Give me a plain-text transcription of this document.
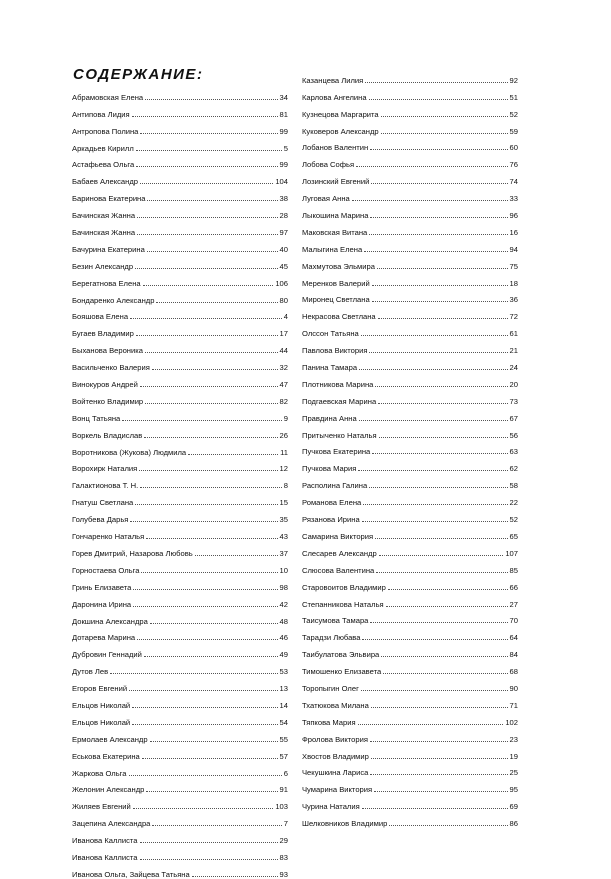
СОДЕРЖАНИЕ:
Абрамовская Елена	34
Антипова Лидия	81
Антропова Полина	99
Аркадьев Кирилл	5
Астафьева Ольга	99
Бабаев Александр	104
Баринова Екатерина	38
Бачинская Жанна	28
Бачинская Жанна	97
Бачурина Екатерина	40
Безин Александр	45
Берегатнова Елена	106
Бондаренко Александр	80
Бояшова Елена	4
Бугаев Владимир	17
Быханова Вероника	44
Васильченко Валерия	32
Винокуров Андрей	47
Войтенко Владимир	82
Вонц Татьяна	9
Воркель Владислав	26
Воротникова (Жукова) Людмила	11
Ворохирк Наталия	12
Галактионова Т. Н.	8
Гнатуш Светлана	15
Голубева Дарья	35
Гончаренко Наталья	43
Горев Дмитрий, Назарова Любовь	37
Горностаева Ольга	10
Гринь Елизавета	98
Даронина Ирина	42
Докшина Александра	48
Дотарева Марина	46
Дубровин Геннадий	49
Дутов Лев	53
Егоров Евгений	13
Ельцов Николай	14
Ельцов Николай	54
Ермолаев Александр	55
Еськова Екатерина	57
Жаркова Ольга	6
Желонин Александр	91
Жиляев Евгений	103
Зацепина Александра	7
Иванова Каллиста	29
Иванова Каллиста	83
Иванова Ольга, Зайцева Татьяна	93
Казанцева Лилия	92
Карлова Ангелина	51
Кузнецова Маргарита	52
Куковеров Александр	59
Лобанов Валентин	60
Лобова Софья	76
Лозинский Евгений	74
Луговая Анна	33
Лыкошина Марина	96
Маковская Витана	16
Малыгина Елена	94
Махмутова Эльмира	75
Меренков Валерий	18
Миронец Светлана	36
Некрасова Светлана	72
Олссон Татьяна	61
Павлова Виктория	21
Панина Тамара	24
Плотникова Марина	20
Подгаевская Марина	73
Правдина Анна	67
Притыченко Наталья	56
Пучкова Екатерина	63
Пучкова Мария	62
Располина Галина	58
Романова Елена	22
Рязанова Ирина	52
Самарина Виктория	65
Слесарев Александр	107
Слюсова Валентина	85
Старовоитов Владимир	66
Степанникова Наталья	27
Таисумова Тамара	70
Тарадзи Любава	64
Таибулатова Эльвира	84
Тимошенко Елизавета	68
Торопыгин Олег	90
Тхатюкова Милана	71
Тяпкова Мария	102
Фролова Виктория	23
Хвостов Владимир	19
Чекушкина Лариса	25
Чумарина Виктория	95
Чурина Наталия	69
Шелковников Владимир	86
